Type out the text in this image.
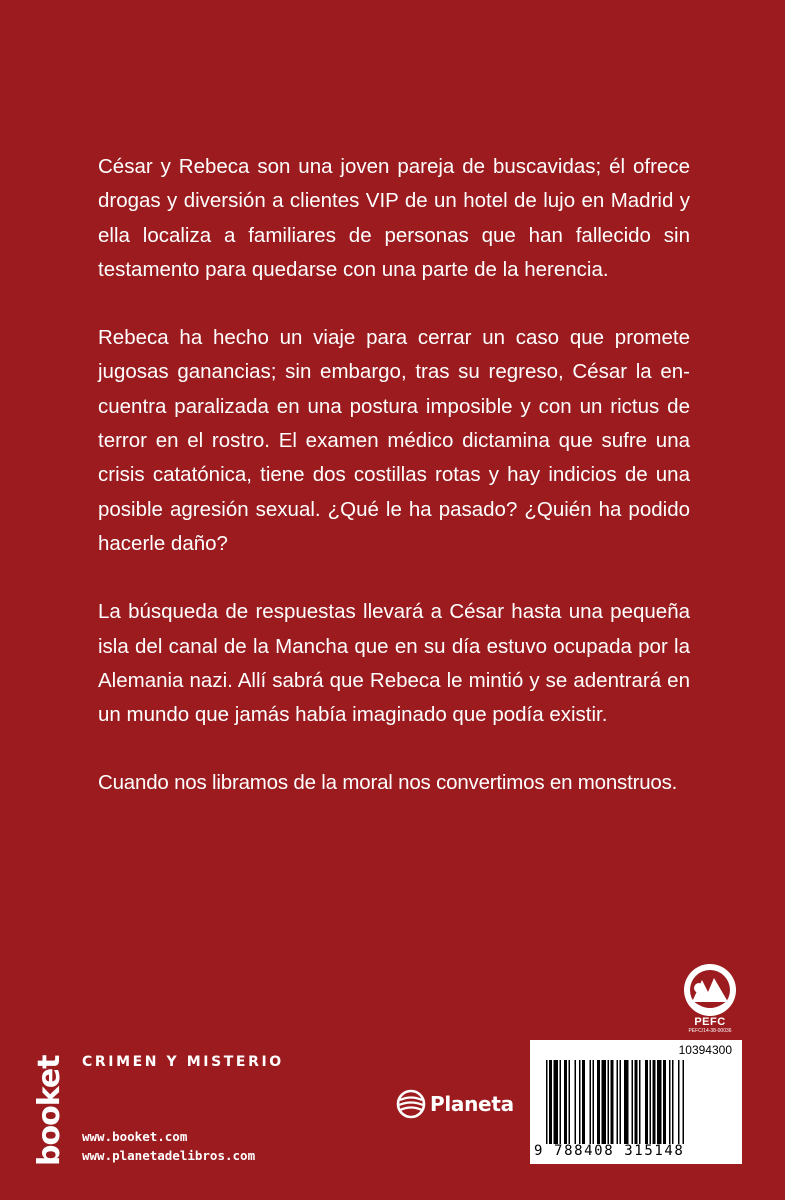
César y Rebeca son una joven pareja de buscavidas; él ofrece drogas y diversión a clientes VIP de un hotel de lujo en Madrid y ella localiza a familiares de personas que han fallecido sin testamento para quedarse con una parte de la herencia.

Rebeca ha hecho un viaje para cerrar un caso que promete jugosas ganancias; sin embargo, tras su regreso, César la encuentra paralizada en una postura imposible y con un rictus de terror en el rostro. El examen médico dictamina que sufre una crisis catatónica, tiene dos costillas rotas y hay indicios de una posible agresión sexual. ¿Qué le ha pasado? ¿Quién ha podido hacerle daño?

La búsqueda de respuestas llevará a César hasta una pequeña isla del canal de la Mancha que en su día estuvo ocupada por la Alemania nazi. Allí sabrá que Rebeca le mintió y se adentrará en un mundo que jamás había imaginado que podía existir.

Cuando nos libramos de la moral nos convertimos en monstruos.

PEFC
PEFC/14-38-00036
booket CRIMEN Y MISTERIO
www.booket.com
www.planetadelibros.com
Planeta
10394300
9 788408 315148
